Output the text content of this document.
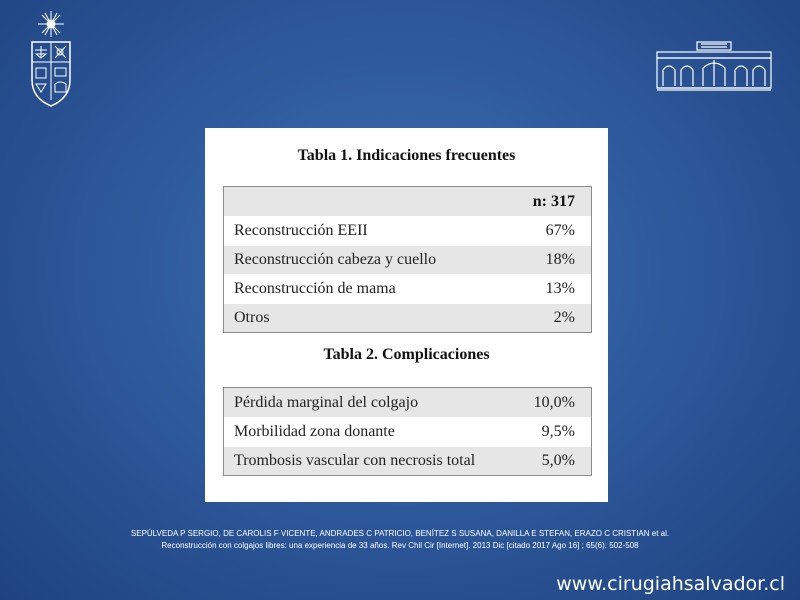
Tabla 1. Indicaciones frecuentes
n: 317
Reconstrucción EEII	67%
Reconstrucción cabeza y cuello	18%
Reconstrucción de mama	13%
Otros	2%
Tabla 2. Complicaciones
Pérdida marginal del colgajo	10,0%
Morbilidad zona donante	9,5%
Trombosis vascular con necrosis total	5,0%
SEPÚLVEDA P SERGIO, DE CAROLIS F VICENTE, ANDRADES C PATRICIO, BENÍTEZ S SUSANA, DANILLA E STEFAN, ERAZO C CRISTIAN et al.
Reconstrucción con colgajos libres: una experiencia de 33 años. Rev Chil Cir [Internet]. 2013 Dic [citado 2017 Ago 16] ; 65(6): 502-508
www.cirugiahsalvador.cl
